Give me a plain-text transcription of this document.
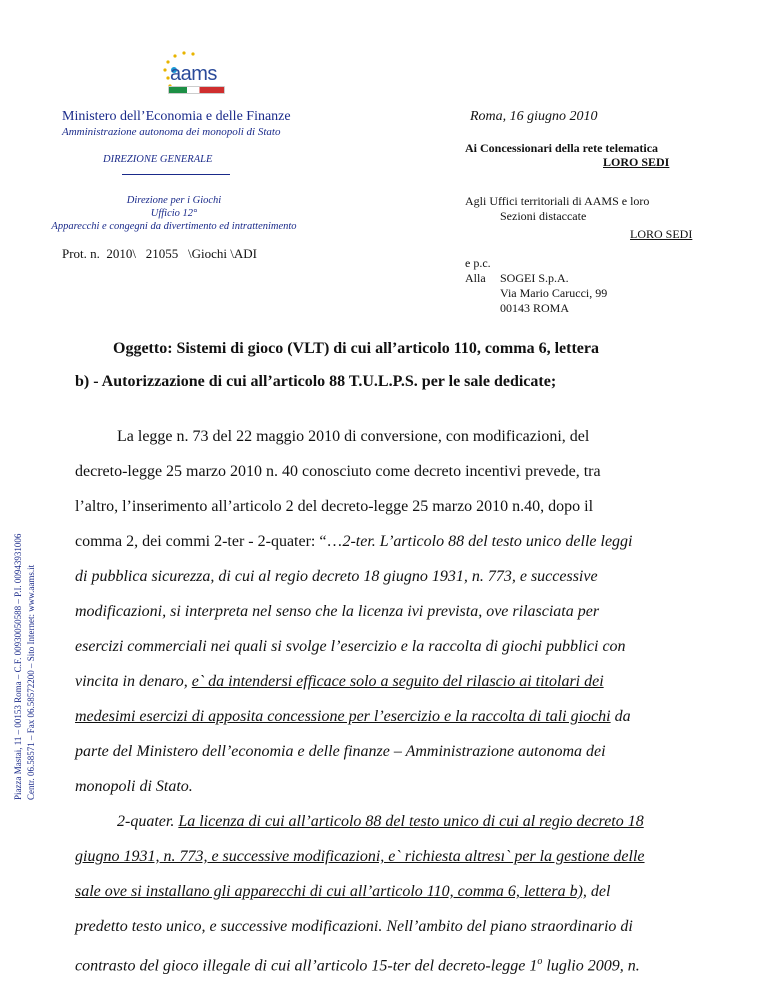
aams
Ministero dell’Economia e delle Finanze
Amministrazione autonoma dei monopoli di Stato
DIREZIONE GENERALE
Direzione per i Giochi
Ufficio 12°
Apparecchi e congegni da divertimento ed intrattenimento
Prot. n.  2010\   21055   \Giochi \ADI
Roma, 16 giugno 2010
Ai Concessionari della rete telematica
LORO SEDI
Agli Uffici territoriali di AAMS e loro
Sezioni distaccate
LORO SEDI
e p.c.
Alla SOGEI S.p.A.
Via Mario Carucci, 99
00143 ROMA
Piazza Mastai, 11 – 00153 Roma – C.F. 00930050588 – P.I. 00943931006 Centr. 06.58571 – Fax 06.58572200 – Sito Internet: www.aams.it
Oggetto: Sistemi di gioco (VLT) di cui all’articolo 110, comma 6, lettera
b) - Autorizzazione di cui all’articolo 88 T.U.L.P.S. per le sale dedicate;
La legge n. 73 del 22 maggio 2010 di conversione, con modificazioni, del
decreto-legge 25 marzo 2010 n. 40 conosciuto come decreto incentivi prevede, tra
l’altro, l’inserimento all’articolo 2 del decreto-legge 25 marzo 2010 n.40, dopo il
comma 2, dei commi 2-ter - 2-quater: “…2-ter. L’articolo 88 del testo unico delle leggi
di pubblica sicurezza, di cui al regio decreto 18 giugno 1931, n. 773, e successive
modificazioni, si interpreta nel senso che la licenza ivi prevista, ove rilasciata per
esercizi commerciali nei quali si svolge l’esercizio e la raccolta di giochi pubblici con
vincita in denaro, e` da intendersi efficace solo a seguito del rilascio ai titolari dei
medesimi esercizi di apposita concessione per l’esercizio e la raccolta di tali giochi da
parte del Ministero dell’economia e delle finanze – Amministrazione autonoma dei
monopoli di Stato.
2-quater. La licenza di cui all’articolo 88 del testo unico di cui al regio decreto 18
giugno 1931, n. 773, e successive modificazioni, e` richiesta altresı` per la gestione delle
sale ove si installano gli apparecchi di cui all’articolo 110, comma 6, lettera b), del
predetto testo unico, e successive modificazioni. Nell’ambito del piano straordinario di
contrasto del gioco illegale di cui all’articolo 15-ter del decreto-legge 1$^o$ luglio 2009, n.
